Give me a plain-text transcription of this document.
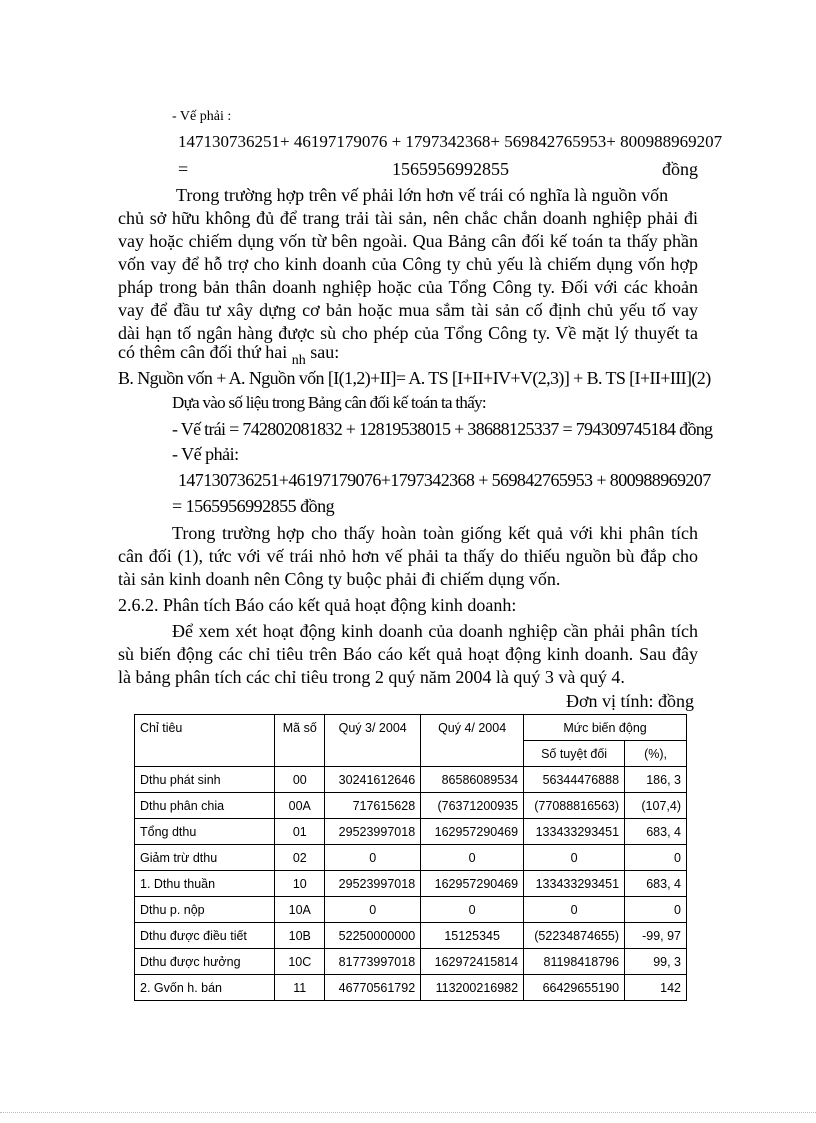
- Vế phải :
147130736251+ 46197179076 + 1797342368+ 569842765953+ 800988969207
=	1565956992855	đồng
Trong trường hợp trên vế phải lớn hơn vế trái có nghĩa là nguồn vốn
chủ sở hữu không đủ để trang trải tài sản, nên chắc chắn doanh nghiệp phải đi
vay hoặc chiếm dụng vốn từ bên ngoài. Qua Bảng cân đối kế toán ta thấy phần
vốn vay để hỗ trợ cho kinh doanh của Công ty chủ yếu là chiếm dụng vốn hợp
pháp trong bản thân doanh nghiệp hoặc của Tổng Công ty. Đối với các khoản
vay để đầu tư xây dựng cơ bản hoặc mua sắm tài sản cố định chủ yếu tố vay
dài hạn tố ngân hàng được sù cho phép của Tổng Công ty. Về mặt lý thuyết ta
có thêm cân đối thứ hai $_{nh}$ sau:
B. Nguồn vốn + A. Nguồn vốn [I(1,2)+II]= A. TS [I+II+IV+V(2,3)] + B. TS [I+II+III](2)
Dựa vào số liệu trong Bảng cân đối kế toán ta thấy:
- Vế trái = 742802081832 + 12819538015 + 38688125337 = 794309745184 đồng
- Vế phải:
147130736251+46197179076+1797342368 + 569842765953 + 800988969207
= 1565956992855 đồng
Trong trường hợp cho thấy hoàn toàn giống kết quả với khi phân tích
cân đối (1), tức với vế trái nhỏ hơn vế phải ta thấy do thiếu nguồn bù đắp cho
tài sản kinh doanh nên Công ty buộc phải đi chiếm dụng vốn.
2.6.2. Phân tích Báo cáo kết quả hoạt động kinh doanh:
Để xem xét hoạt động kinh doanh của doanh nghiệp cần phải phân tích
sù biến động các chỉ tiêu trên Báo cáo kết quả hoạt động kinh doanh. Sau đây
là bảng phân tích các chỉ tiêu trong 2 quý năm 2004 là quý 3 và quý 4.
Đơn vị tính: đồng
Chỉ tiêu	Mã số	Quý 3/ 2004	Quý 4/ 2004	Mức biến động	
				Số tuyệt đối	(%),
Dthu phát sinh	00	30241612646	86586089534	56344476888	186, 3
Dthu phân chia	00A	717615628	(76371200935	(77088816563)	(107,4)
Tổng dthu	01	29523997018	162957290469	133433293451	683, 4
Giảm trừ dthu	02	0	0	0	0
1. Dthu thuần	10	29523997018	162957290469	133433293451	683, 4
Dthu p. nộp	10A	0	0	0	0
Dthu được điều tiết	10B	52250000000	15125345	(52234874655)	-99, 97
Dthu được hưởng	10C	81773997018	162972415814	81198418796	99, 3
2. Gvốn h. bán	11	46770561792	113200216982	66429655190	142
